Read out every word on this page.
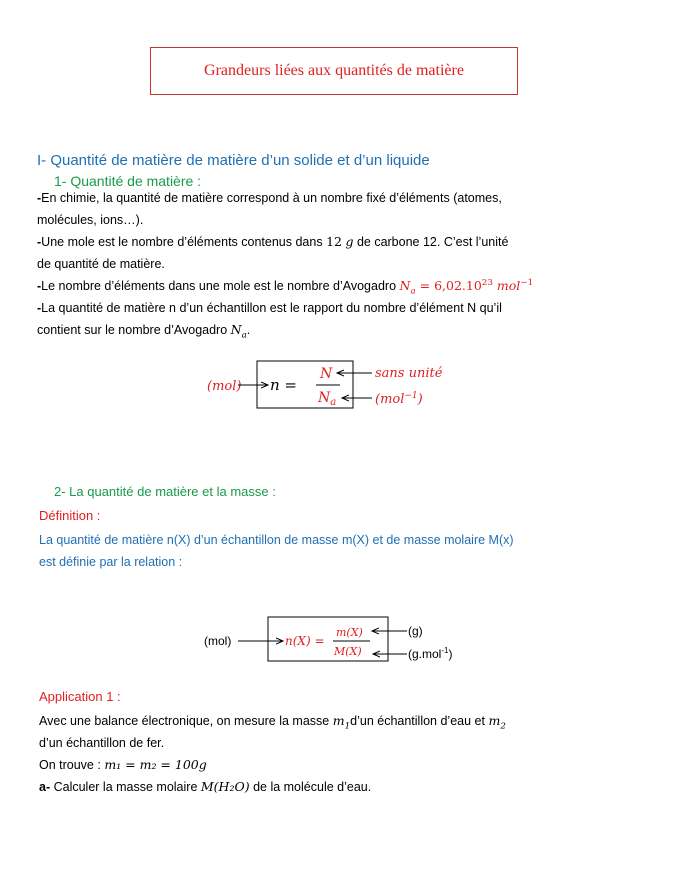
Grandeurs liées aux quantités de matière
I- Quantité de matière de matière d’un solide et d’un liquide
1- Quantité de matière :
-En chimie, la quantité de matière correspond à un nombre fixé d’éléments (atomes,
molécules, ions…).
-Une mole est le nombre d’éléments contenus dans 12 g de carbone 12. C’est l’unité
de quantité de matière.
-Le nombre d’éléments dans une mole est le nombre d’Avogadro $N_a = 6,02.10^{23}$ mol$^{-1}$
-La quantité de matière n d’un échantillon est le rapport du nombre d’élément N qu’il
contient sur le nombre d’Avogadro $N_a$.
(mol) n =
N
$N_a$
sans unité
(mol$^{-1}$)
(mol)	n(X) =
m(X)
M(X)
(g)
(g.mol$^{-1}$)
2- La quantité de matière et la masse :
Définition :
La quantité de matière n(X) d’un échantillon de masse m(X) et de masse molaire M(x)
est définie par la relation :
Application 1 :
Avec une balance électronique, on mesure la masse $m_1d’un$ échantillon d’eau et $m_2$
d’un échantillon de fer.
On trouve : m₁ = m₂ = 100g
a- Calculer la masse molaire M(H₂O) de la molécule d’eau.
